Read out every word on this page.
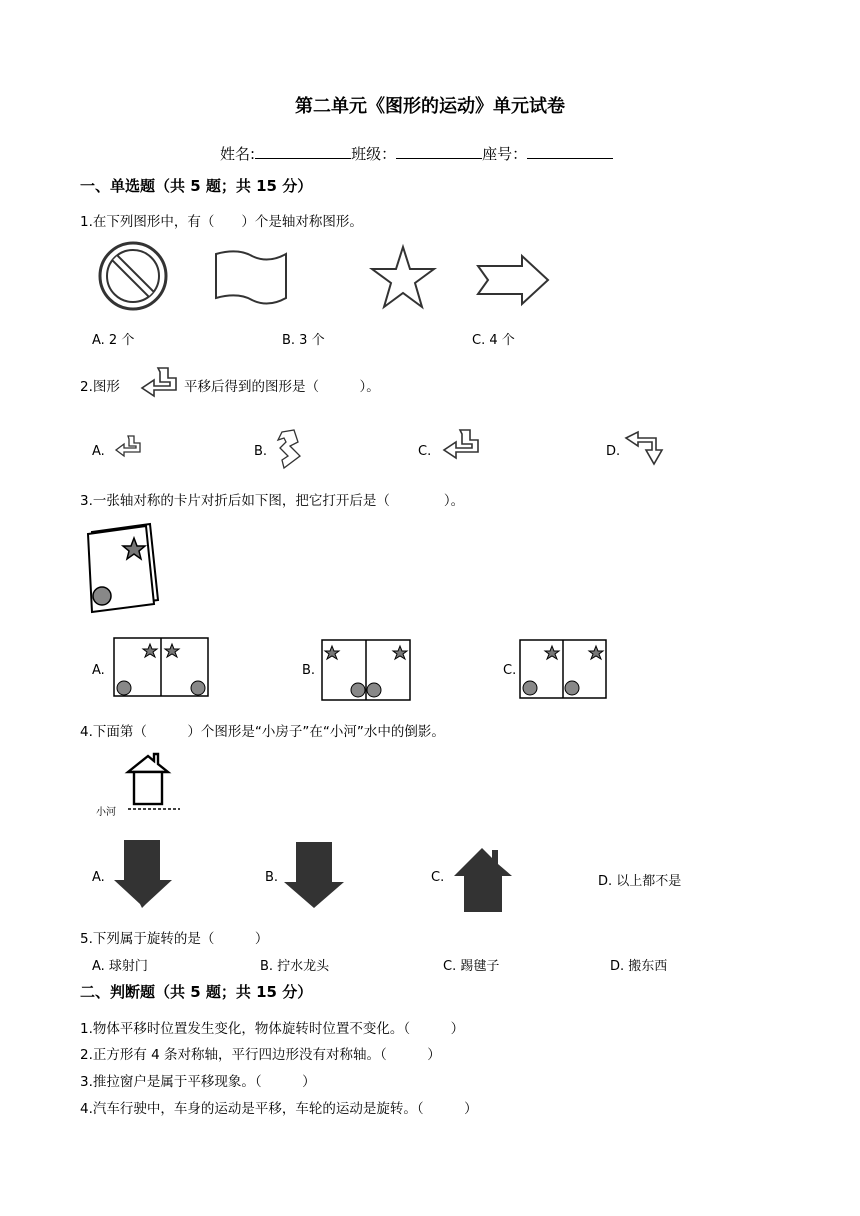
第二单元《图形的运动》单元试卷
姓名:	班级：	座号：
一、单选题（共 5 题；共 15 分）
1.在下列图形中，有（　　）个是轴对称图形。
A. 2 个	B. 3 个	C. 4 个
2.图形	平移后得到的图形是（　　　）。
A.	B.	C.	D.
3.一张轴对称的卡片对折后如下图，把它打开后是（　　　　）。
A.	B.	C.
4.下面第（　　　）个图形是“小房子”在“小河”水中的倒影。
小河
A.	B.	C.	D. 以上都不是
5.下列属于旋转的是（　　　）
A. 球射门	B. 拧水龙头	C. 踢毽子	D. 搬东西
二、判断题（共 5 题；共 15 分）
1.物体平移时位置发生变化，物体旋转时位置不变化。（　　　）
2.正方形有 4 条对称轴，平行四边形没有对称轴。（　　　）
3.推拉窗户是属于平移现象。（　　　）
4.汽车行驶中，车身的运动是平移，车轮的运动是旋转。（　　　）
